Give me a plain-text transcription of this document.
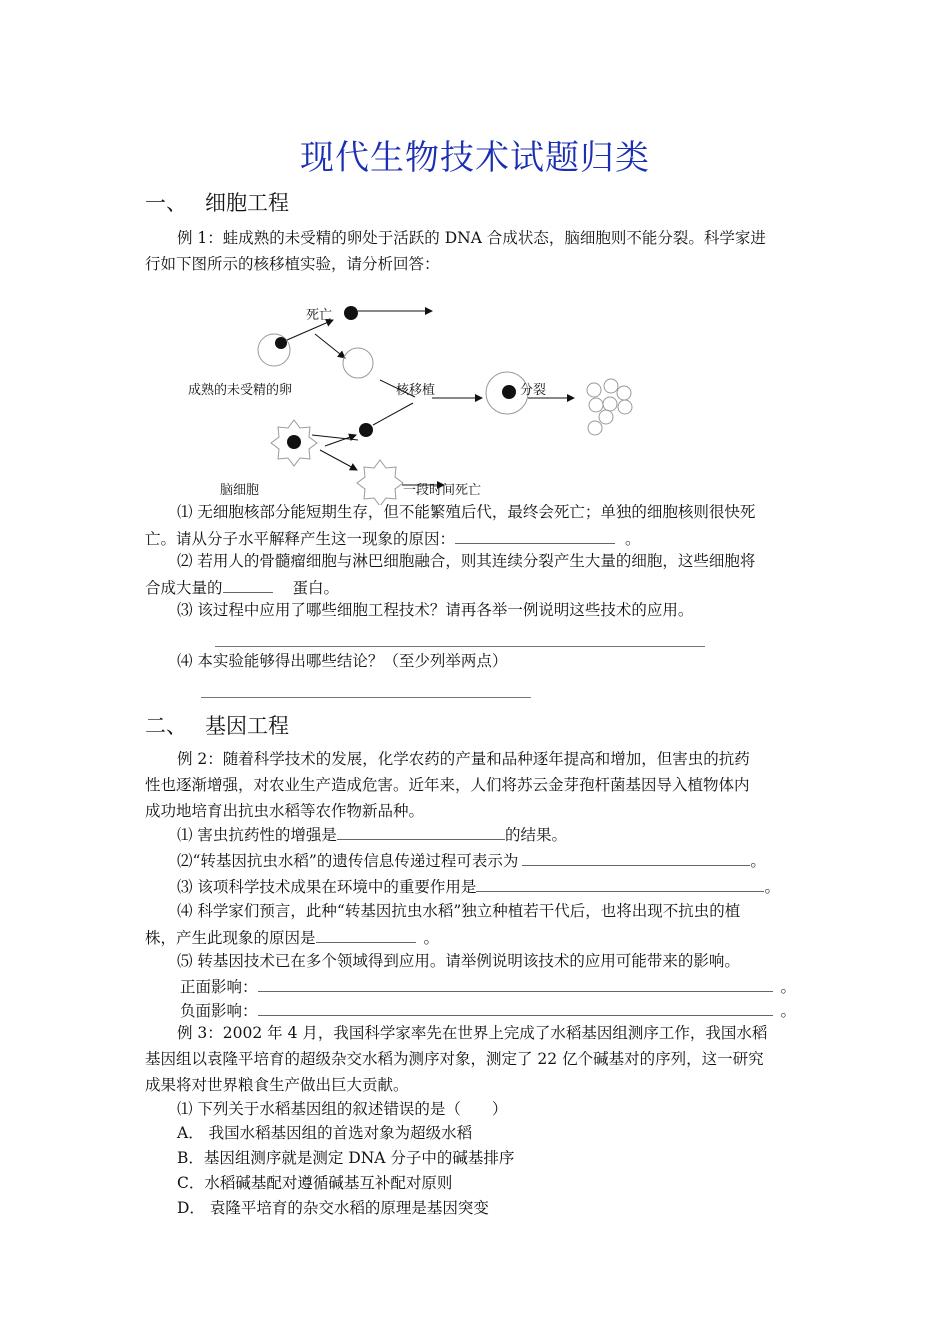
现代生物技术试题归类
一、 细胞工程
例 1：蛙成熟的未受精的卵处于活跃的 DNA 合成状态，脑细胞则不能分裂。科学家进
行如下图所示的核移植实验，请分析回答：
死亡
成熟的未受精的卵	核移植	分裂
脑细胞	一段时间死亡
⑴ 无细胞核部分能短期生存，但不能繁殖后代，最终会死亡；单独的细胞核则很快死
亡。请从分子水平解释产生这一现象的原因：	。
⑵ 若用人的骨髓瘤细胞与淋巴细胞融合，则其连续分裂产生大量的细胞，这些细胞将
合成大量的	蛋白。
⑶ 该过程中应用了哪些细胞工程技术？请再各举一例说明这些技术的应用。
⑷ 本实验能够得出哪些结论？（至少列举两点）
二、 基因工程
例 2：随着科学技术的发展，化学农药的产量和品种逐年提高和增加，但害虫的抗药
性也逐渐增强，对农业生产造成危害。近年来，人们将苏云金芽孢杆菌基因导入植物体内
成功地培育出抗虫水稻等农作物新品种。
⑴ 害虫抗药性的增强是	的结果。
⑵“转基因抗虫水稻”的遗传信息传递过程可表示为	。
⑶ 该项科学技术成果在环境中的重要作用是	。
⑷ 科学家们预言，此种“转基因抗虫水稻”独立种植若干代后，也将出现不抗虫的植
株，产生此现象的原因是	。
⑸ 转基因技术已在多个领域得到应用。请举例说明该技术的应用可能带来的影响。
正面影响：	。
负面影响：	。
例 3：2002 年 4 月，我国科学家率先在世界上完成了水稻基因组测序工作，我国水稻
基因组以袁隆平培育的超级杂交水稻为测序对象，测定了 22 亿个碱基对的序列，这一研究
成果将对世界粮食生产做出巨大贡献。
⑴ 下列关于水稻基因组的叙述错误的是（　　）
A． 我国水稻基因组的首选对象为超级水稻
B．基因组测序就是测定 DNA 分子中的碱基排序
C．水稻碱基配对遵循碱基互补配对原则
D． 袁隆平培育的杂交水稻的原理是基因突变
